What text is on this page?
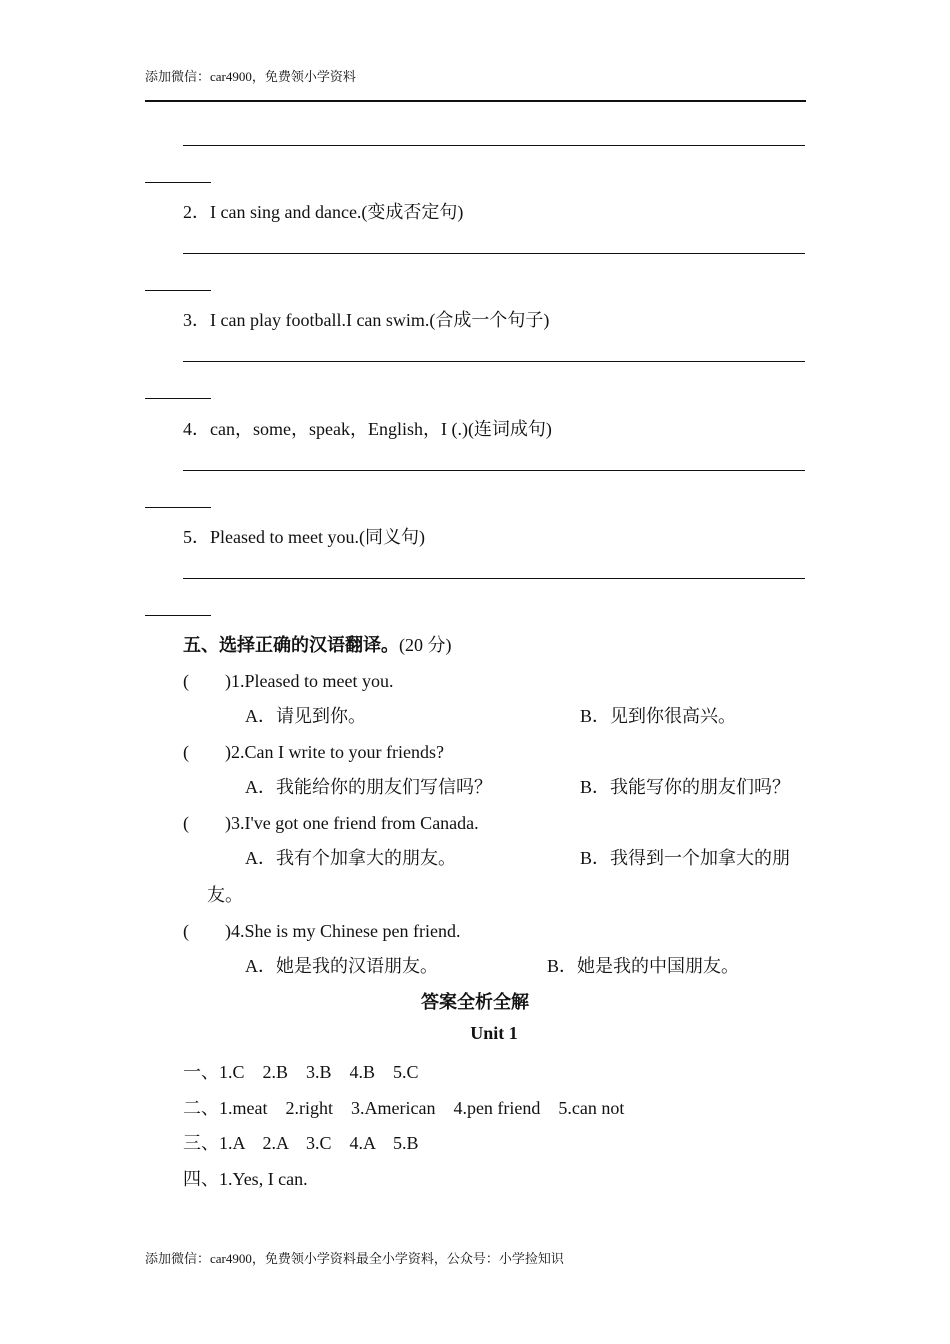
添加微信：car4900，免费领小学资料
2．I can sing and dance.(变成否定句)
3．I can play football.I can swim.(合成一个句子)
4．can，some，speak，English，I (.)(连词成句)
5．Pleased to meet you.(同义句)
五、选择正确的汉语翻译。(20 分)
(　　)1.Pleased to meet you.
A．请见到你。	B．见到你很高兴。
(　　)2.Can I write to your friends?
A．我能给你的朋友们写信吗？	B．我能写你的朋友们吗？
(　　)3.I've got one friend from Canada.
A．我有个加拿大的朋友。	B．我得到一个加拿大的朋
友。
(　　)4.She is my Chinese pen friend.
A．她是我的汉语朋友。	B．她是我的中国朋友。
答案全析全解
Unit 1
一、1.C　2.B　3.B　4.B　5.C
二、1.meat　2.right　3.American　4.pen friend　5.can not
三、1.A　2.A　3.C　4.A　5.B
四、1.Yes, I can.
添加微信：car4900，免费领小学资料最全小学资料，公众号：小学捡知识
